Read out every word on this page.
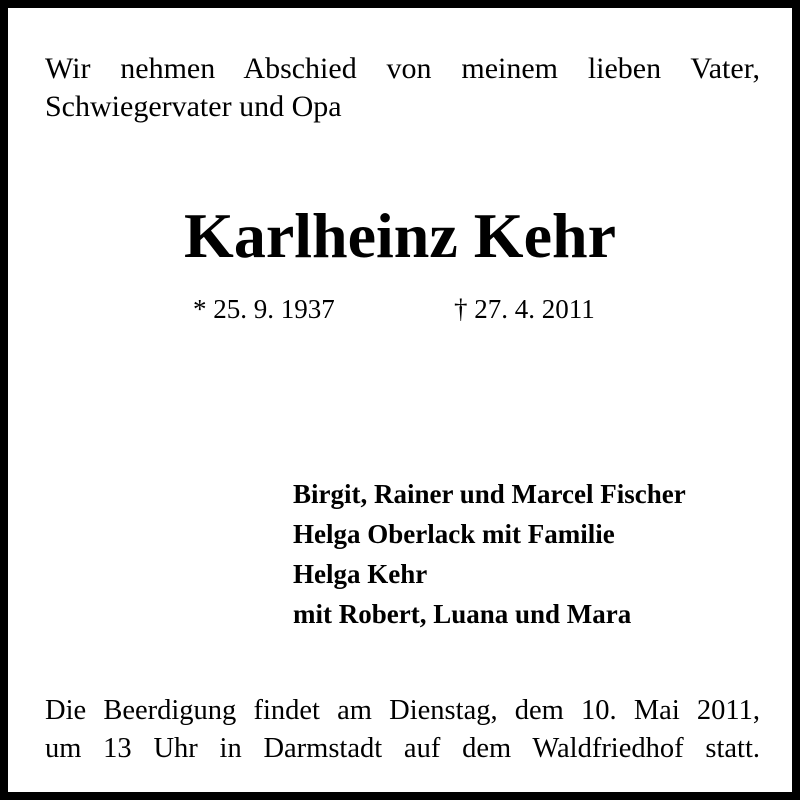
Wir nehmen Abschied von meinem lieben Vater,
Schwiegervater und Opa
Karlheinz Kehr
* 25. 9. 1937	† 27. 4. 2011
Birgit, Rainer und Marcel Fischer
Helga Oberlack mit Familie
Helga Kehr
mit Robert, Luana und Mara
Die Beerdigung findet am Dienstag, dem 10. Mai 2011,
um 13 Uhr in Darmstadt auf dem Waldfriedhof statt.
